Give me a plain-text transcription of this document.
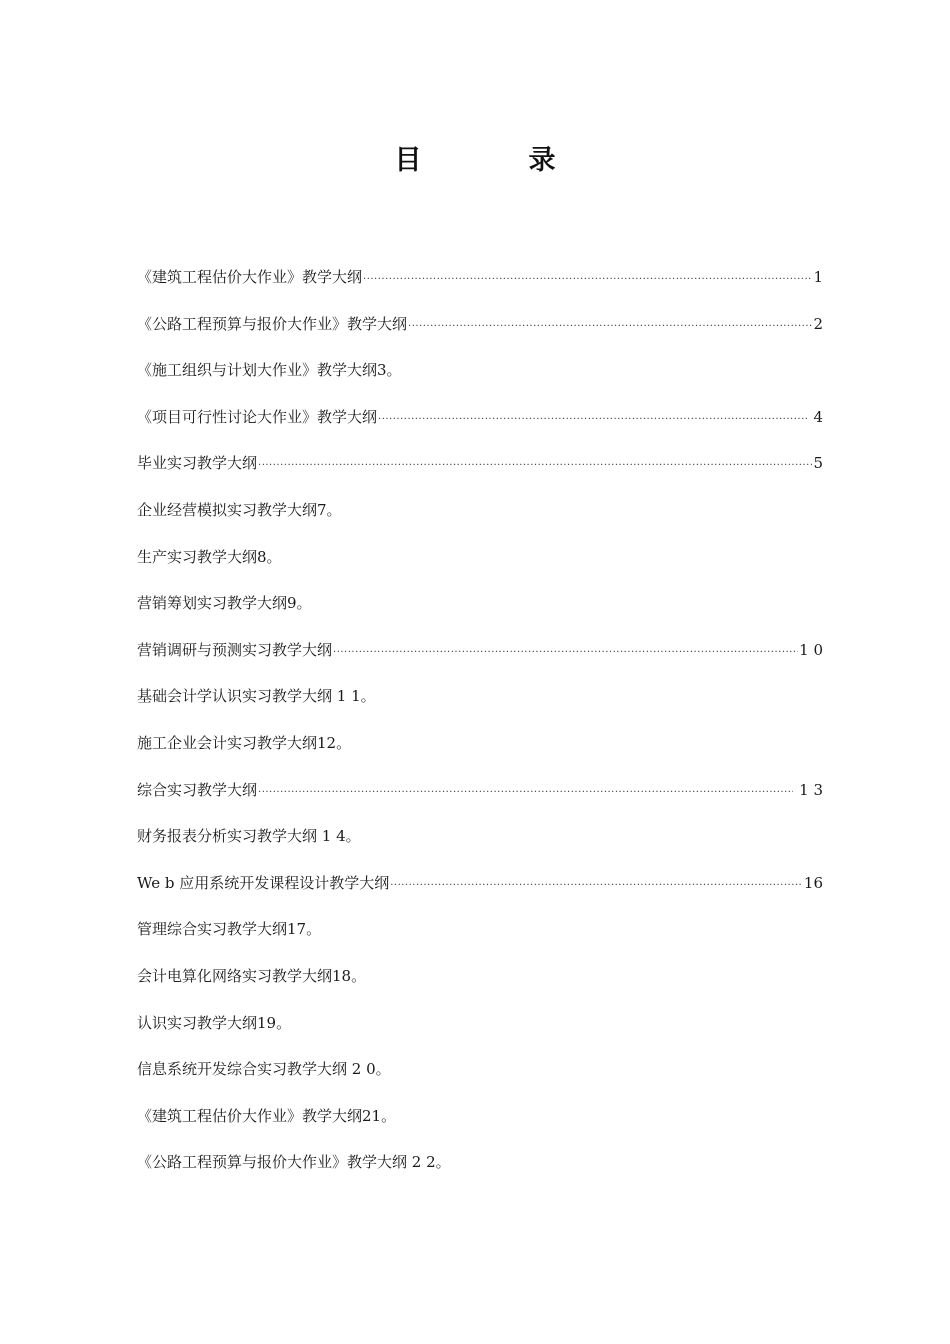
目　录
《建筑工程估价大作业》教学大纲 .....	1
《公路工程预算与报价大作业》教学大纲 .....	2
《施工组织与计划大作业》教学大纲 3。
《项目可行性讨论大作业》教学大纲 .....	4
毕业实习教学大纲 .....	5
企业经营模拟实习教学大纲 7。
生产实习教学大纲 8。
营销筹划实习教学大纲 9。
营销调研与预测实习教学大纲 .....	1 0
基础会计学认识实习教学大纲 1 1。
施工企业会计实习教学大纲 12。
综合实习教学大纲 .....	1 3
财务报表分析实习教学大纲 1 4。
We b 应用系统开发课程设计教学大纲 .....	16
管理综合实习教学大纲 17。
会计电算化网络实习教学大纲 18。
认识实习教学大纲 19。
信息系统开发综合实习教学大纲 2 0。
《建筑工程估价大作业》教学大纲 21。
《公路工程预算与报价大作业》教学大纲 2 2。
